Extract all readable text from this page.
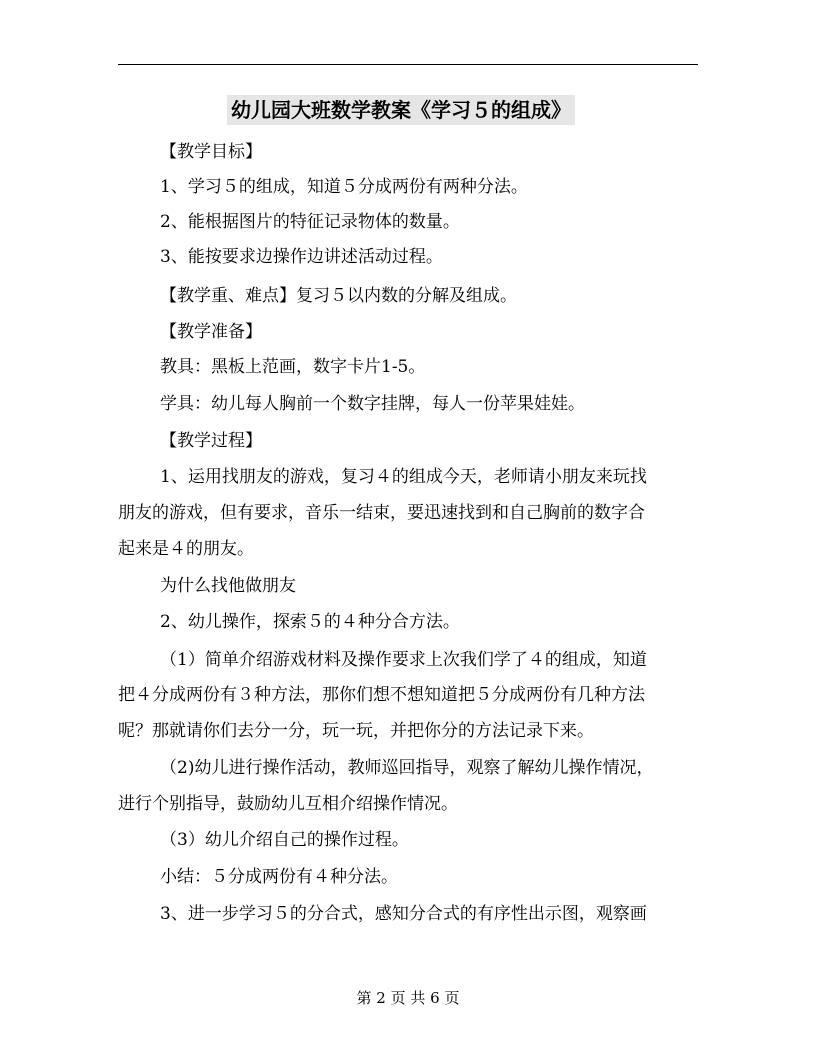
幼儿园大班数学教案《学习５的组成》
【教学目标】
1、学习５的组成，知道５分成两份有两种分法。
2、能根据图片的特征记录物体的数量。
3、能按要求边操作边讲述活动过程。
【教学重、难点】复习５以内数的分解及组成。
【教学准备】
教具：黑板上范画，数字卡片1-5。
学具：幼儿每人胸前一个数字挂牌，每人一份苹果娃娃。
【教学过程】
1、运用找朋友的游戏，复习４的组成今天，老师请小朋友来玩找
朋友的游戏，但有要求，音乐一结束，要迅速找到和自己胸前的数字合
起来是４的朋友。
为什么找他做朋友
2、幼儿操作，探索５的４种分合方法。
（1）简单介绍游戏材料及操作要求上次我们学了４的组成，知道
把４分成两份有３种方法，那你们想不想知道把５分成两份有几种方法
呢？那就请你们去分一分，玩一玩，并把你分的方法记录下来。
（2)幼儿进行操作活动，教师巡回指导，观察了解幼儿操作情况，
进行个别指导，鼓励幼儿互相介绍操作情况。
（3）幼儿介绍自己的操作过程。
小结：５分成两份有４种分法。
3、进一步学习５的分合式，感知分合式的有序性出示图，观察画
第 2 页 共 6 页
